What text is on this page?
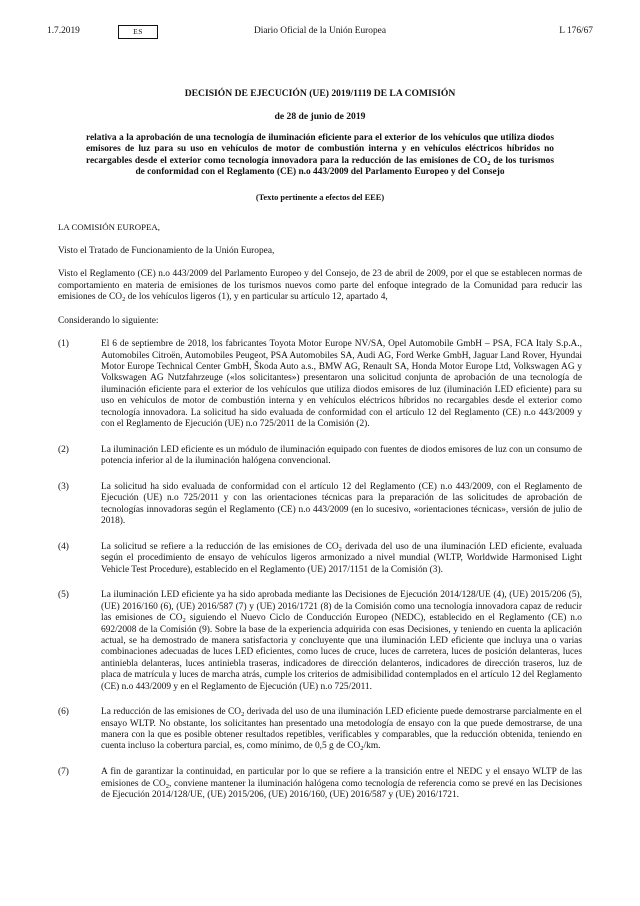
1.7.2019	ES	Diario Oficial de la Unión Europea	L 176/67
DECISIÓN DE EJECUCIÓN (UE) 2019/1119 DE LA COMISIÓN
de 28 de junio de 2019
relativa a la aprobación de una tecnología de iluminación eficiente para el exterior de los vehículos que utiliza diodos emisores de luz para su uso en vehículos de motor de combustión interna y en vehículos eléctricos híbridos no recargables desde el exterior como tecnología innovadora para la reducción de las emisiones de $CO_2$ de los turismos de conformidad con el Reglamento (CE) n.o 443/2009 del Parlamento Europeo y del Consejo
(Texto pertinente a efectos del EEE)

LA COMISIÓN EUROPEA,

Visto el Tratado de Funcionamiento de la Unión Europea,

Visto el Reglamento (CE) n.o 443/2009 del Parlamento Europeo y del Consejo, de 23 de abril de 2009, por el que se establecen normas de comportamiento en materia de emisiones de los turismos nuevos como parte del enfoque integrado de la Comunidad para reducir las emisiones de $CO_2$ de los vehículos ligeros (1), y en particular su artículo 12, apartado 4,

Considerando lo siguiente:

(1)	El 6 de septiembre de 2018, los fabricantes Toyota Motor Europe NV/SA, Opel Automobile GmbH – PSA, FCA Italy S.p.A., Automobiles Citroën, Automobiles Peugeot, PSA Automobiles SA, Audi AG, Ford Werke GmbH, Jaguar Land Rover, Hyundai Motor Europe Technical Center GmbH, Škoda Auto a.s., BMW AG, Renault SA, Honda Motor Europe Ltd, Volkswagen AG y Volkswagen AG Nutzfahrzeuge («los solicitantes») presentaron una solicitud conjunta de aprobación de una tecnología de iluminación eficiente para el exterior de los vehículos que utiliza diodos emisores de luz (iluminación LED eficiente) para su uso en vehículos de motor de combustión interna y en vehículos eléctricos híbridos no recargables desde el exterior como tecnología innovadora. La solicitud ha sido evaluada de conformidad con el artículo 12 del Reglamento (CE) n.o 443/2009 y con el Reglamento de Ejecución (UE) n.o 725/2011 de la Comisión (2).
(2)	La iluminación LED eficiente es un módulo de iluminación equipado con fuentes de diodos emisores de luz con un consumo de potencia inferior al de la iluminación halógena convencional.
(3)	La solicitud ha sido evaluada de conformidad con el artículo 12 del Reglamento (CE) n.o 443/2009, con el Reglamento de Ejecución (UE) n.o 725/2011 y con las orientaciones técnicas para la preparación de las solicitudes de aprobación de tecnologías innovadoras según el Reglamento (CE) n.o 443/2009 (en lo sucesivo, «orientaciones técnicas», versión de julio de 2018).
(4)	La solicitud se refiere a la reducción de las emisiones de $CO_2$ derivada del uso de una iluminación LED eficiente, evaluada según el procedimiento de ensayo de vehículos ligeros armonizado a nivel mundial (WLTP, Worldwide Harmonised Light Vehicle Test Procedure), establecido en el Reglamento (UE) 2017/1151 de la Comisión (3).
(5)	La iluminación LED eficiente ya ha sido aprobada mediante las Decisiones de Ejecución 2014/128/UE (4), (UE) 2015/206 (5), (UE) 2016/160 (6), (UE) 2016/587 (7) y (UE) 2016/1721 (8) de la Comisión como una tecnología innovadora capaz de reducir las emisiones de $CO_2$ siguiendo el Nuevo Ciclo de Conducción Europeo (NEDC), establecido en el Reglamento (CE) n.o 692/2008 de la Comisión (9). Sobre la base de la experiencia adquirida con esas Decisiones, y teniendo en cuenta la aplicación actual, se ha demostrado de manera satisfactoria y concluyente que una iluminación LED eficiente que incluya una o varias combinaciones adecuadas de luces LED eficientes, como luces de cruce, luces de carretera, luces de posición delanteras, luces antiniebla delanteras, luces antiniebla traseras, indicadores de dirección delanteros, indicadores de dirección traseros, luz de placa de matrícula y luces de marcha atrás, cumple los criterios de admisibilidad contemplados en el artículo 12 del Reglamento (CE) n.o 443/2009 y en el Reglamento de Ejecución (UE) n.o 725/2011.
(6)	La reducción de las emisiones de $CO_2$ derivada del uso de una iluminación LED eficiente puede demostrarse parcialmente en el ensayo WLTP. No obstante, los solicitantes han presentado una metodología de ensayo con la que puede demostrarse, de una manera con la que es posible obtener resultados repetibles, verificables y comparables, que la reducción obtenida, teniendo en cuenta incluso la cobertura parcial, es, como mínimo, de 0,5 g de $CO_2/km$.
(7)	A fin de garantizar la continuidad, en particular por lo que se refiere a la transición entre el NEDC y el ensayo WLTP de las emisiones de $CO_2$, conviene mantener la iluminación halógena como tecnología de referencia como se prevé en las Decisiones de Ejecución 2014/128/UE, (UE) 2015/206, (UE) 2016/160, (UE) 2016/587 y (UE) 2016/1721.
